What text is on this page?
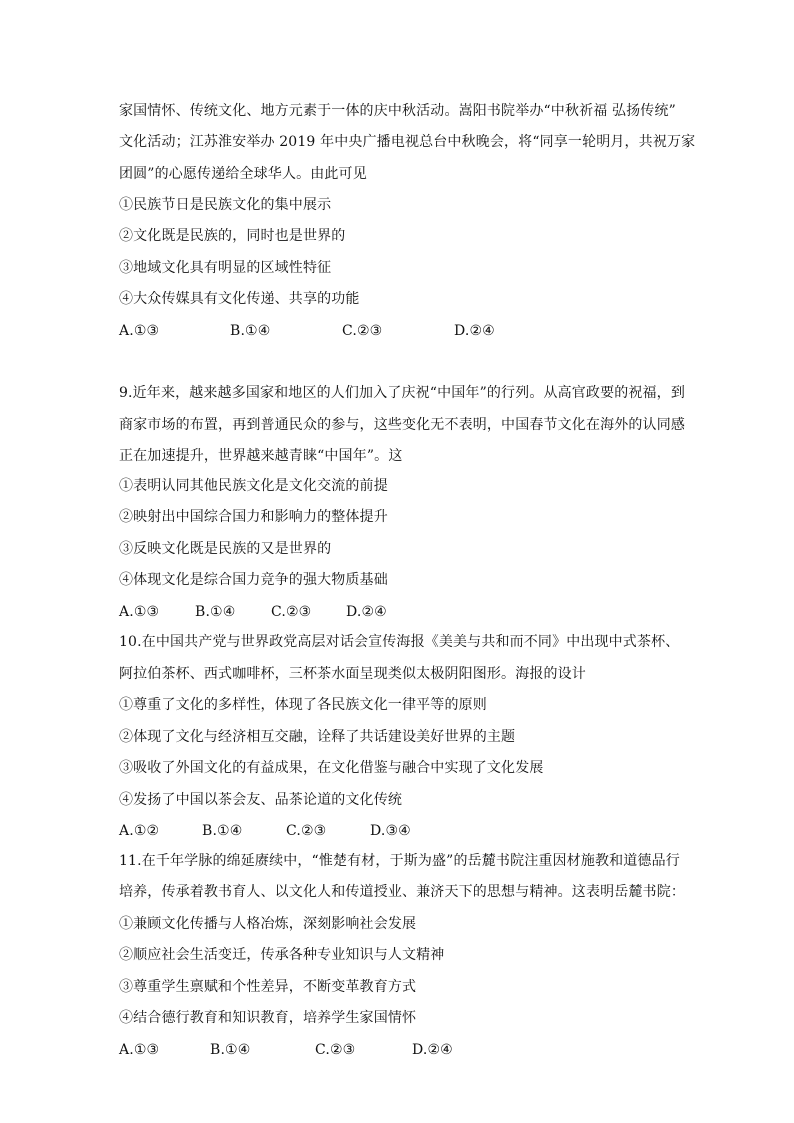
家国情怀、传统文化、地方元素于一体的庆中秋活动。嵩阳书院举办“中秋祈福 弘扬传统”
文化活动；江苏淮安举办 2019 年中央广播电视总台中秋晚会，将“同享一轮明月，共祝万家
团圆”的心愿传递给全球华人。由此可见
①民族节日是民族文化的集中展示
②文化既是民族的，同时也是世界的
③地域文化具有明显的区域性特征
④大众传媒具有文化传递、共享的功能
A.①③	B.①④	C.②③	D.②④
9.近年来，越来越多国家和地区的人们加入了庆祝“中国年”的行列。从高官政要的祝福，到
商家市场的布置，再到普通民众的参与，这些变化无不表明，中国春节文化在海外的认同感
正在加速提升，世界越来越青睐“中国年”。这
①表明认同其他民族文化是文化交流的前提
②映射出中国综合国力和影响力的整体提升
③反映文化既是民族的又是世界的
④体现文化是综合国力竞争的强大物质基础
A.①③	B.①④	C.②③ D.②④
10.在中国共产党与世界政党高层对话会宣传海报《美美与共和而不同》中出现中式茶杯、
阿拉伯茶杯、西式咖啡杯，三杯茶水面呈现类似太极阴阳图形。海报的设计
①尊重了文化的多样性，体现了各民族文化一律平等的原则
②体现了文化与经济相互交融，诠释了共话建设美好世界的主题
③吸收了外国文化的有益成果，在文化借鉴与融合中实现了文化发展
④发扬了中国以茶会友、品茶论道的文化传统
A.①②	B.①④	C.②③	D.③④
11.在千年学脉的绵延赓续中，“惟楚有材，于斯为盛”的岳麓书院注重因材施教和道德品行
培养，传承着教书育人、以文化人和传道授业、兼济天下的思想与精神。这表明岳麓书院：
①兼顾文化传播与人格冶炼，深刻影响社会发展
②顺应社会生活变迁，传承各种专业知识与人文精神
③尊重学生禀赋和个性差异，不断变革教育方式
④结合德行教育和知识教育，培养学生家国情怀
A.①③	B.①④	C.②③	D.②④
